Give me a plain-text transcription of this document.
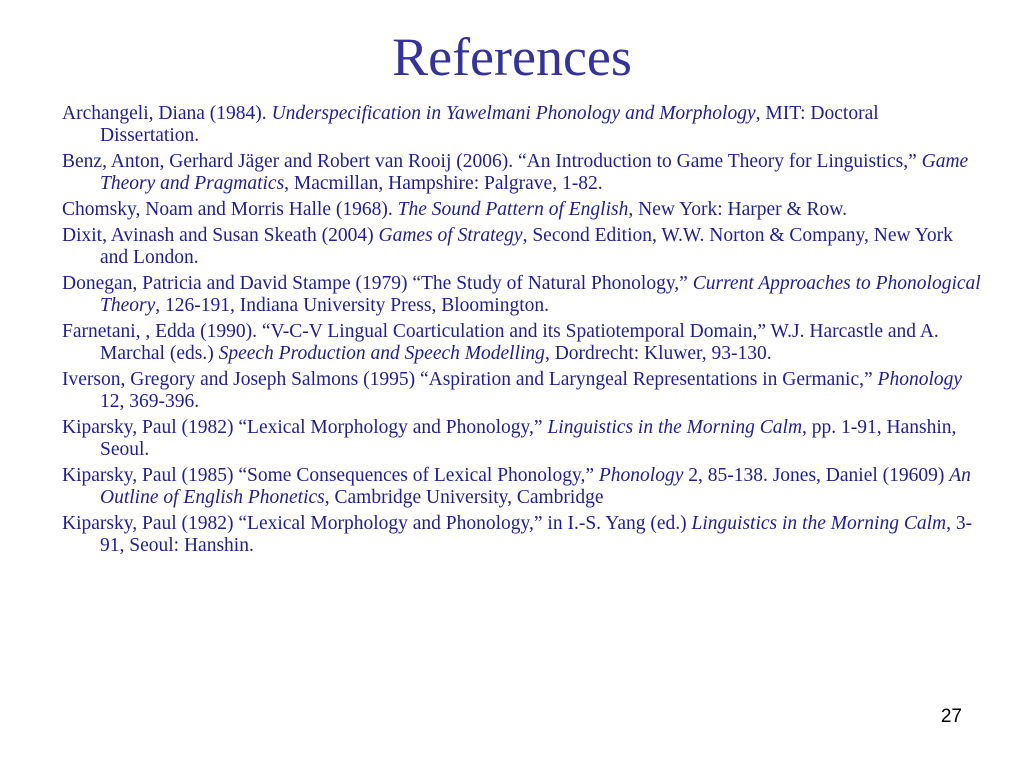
References
Archangeli, Diana (1984). Underspecification in Yawelmani Phonology and Morphology, MIT: Doctoral Dissertation.
Benz, Anton, Gerhard Jäger and Robert van Rooij (2006). “An Introduction to Game Theory for Linguistics,” Game Theory and Pragmatics, Macmillan, Hampshire: Palgrave, 1-82.
Chomsky, Noam and Morris Halle (1968). The Sound Pattern of English, New York: Harper & Row.
Dixit, Avinash and Susan Skeath (2004) Games of Strategy, Second Edition, W.W. Norton & Company, New York and London.
Donegan, Patricia and David Stampe (1979) “The Study of Natural Phonology,” Current Approaches to Phonological Theory, 126-191, Indiana University Press, Bloomington.
Farnetani, , Edda (1990). “V-C-V Lingual Coarticulation and its Spatiotemporal Domain,” W.J. Harcastle and A. Marchal (eds.) Speech Production and Speech Modelling, Dordrecht: Kluwer, 93-130.
Iverson, Gregory and Joseph Salmons (1995) “Aspiration and Laryngeal Representations in Germanic,” Phonology 12, 369-396.
Kiparsky, Paul (1982) “Lexical Morphology and Phonology,” Linguistics in the Morning Calm, pp. 1-91, Hanshin, Seoul.
Kiparsky, Paul (1985) “Some Consequences of Lexical Phonology,” Phonology 2, 85-138. Jones, Daniel (19609) An Outline of English Phonetics, Cambridge University, Cambridge
Kiparsky, Paul (1982) “Lexical Morphology and Phonology,” in I.-S. Yang (ed.) Linguistics in the Morning Calm, 3-91, Seoul: Hanshin.
27
